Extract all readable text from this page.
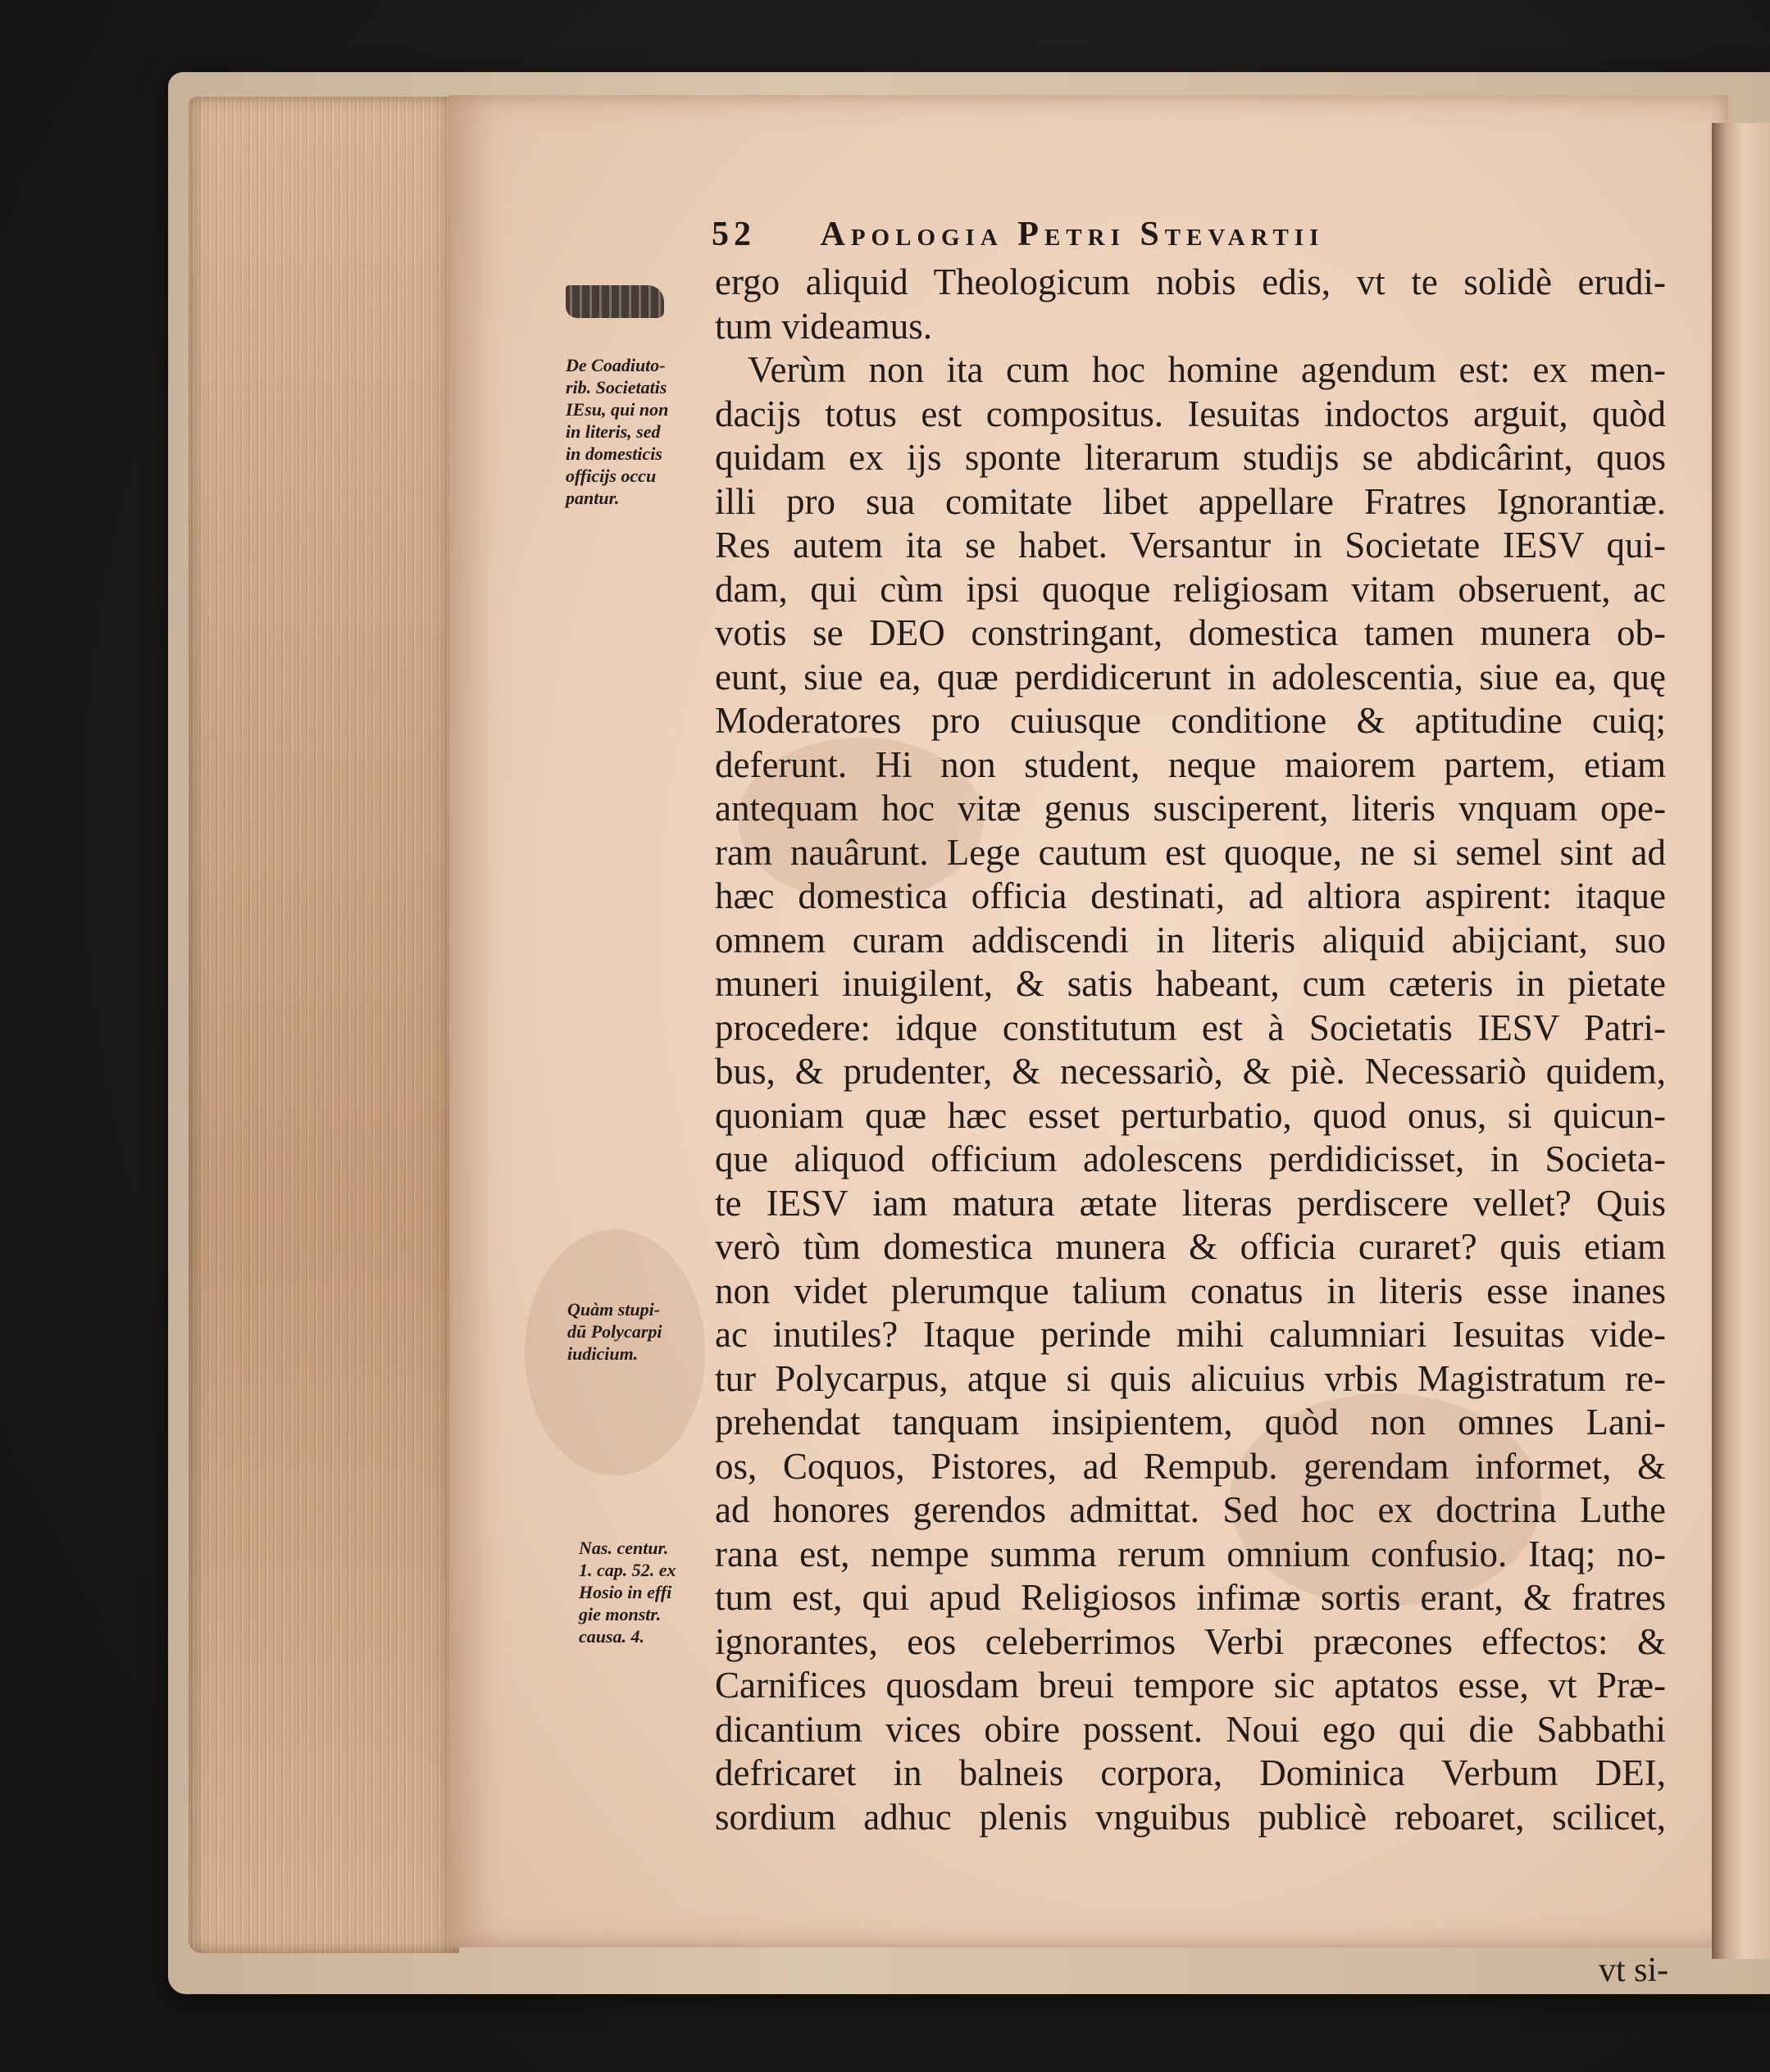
52 Apologia Petri Stevartii
ergo aliquid Theologicum nobis edis, vt te solidè erudi-
tum videamus.
Verùm non ita cum hoc homine agendum est: ex men-
dacijs totus est compositus. Iesuitas indoctos arguit, quòd
quidam ex ijs sponte literarum studijs se abdicârint, quos
illi pro sua comitate libet appellare Fratres Ignorantiæ.
Res autem ita se habet. Versantur in Societate IESV qui-
dam, qui cùm ipsi quoque religiosam vitam obseruent, ac
votis se DEO constringant, domestica tamen munera ob-
eunt, siue ea, quæ perdidicerunt in adolescentia, siue ea, quę
Moderatores pro cuiusque conditione & aptitudine cuiq;
deferunt. Hi non student, neque maiorem partem, etiam
antequam hoc vitæ genus susciperent, literis vnquam ope-
ram nauârunt. Lege cautum est quoque, ne si semel sint ad
hæc domestica officia destinati, ad altiora aspirent: itaque
omnem curam addiscendi in literis aliquid abijciant, suo
muneri inuigilent, & satis habeant, cum cæteris in pietate
procedere: idque constitutum est à Societatis IESV Patri-
bus, & prudenter, & necessariò, & piè. Necessariò quidem,
quoniam quæ hæc esset perturbatio, quod onus, si quicun-
que aliquod officium adolescens perdidicisset, in Societa-
te IESV iam matura ætate literas perdiscere vellet? Quis
verò tùm domestica munera & officia curaret? quis etiam
non videt plerumque talium conatus in literis esse inanes
ac inutiles? Itaque perinde mihi calumniari Iesuitas vide-
tur Polycarpus, atque si quis alicuius vrbis Magistratum re-
prehendat tanquam insipientem, quòd non omnes Lani-
os, Coquos, Pistores, ad Rempub. gerendam informet, &
ad honores gerendos admittat. Sed hoc ex doctrina Luthe
rana est, nempe summa rerum omnium confusio. Itaq; no-
tum est, qui apud Religiosos infimæ sortis erant, & fratres
ignorantes, eos celeberrimos Verbi præcones effectos: &
Carnifices quosdam breui tempore sic aptatos esse, vt Præ-
dicantium vices obire possent. Noui ego qui die Sabbathi
defricaret in balneis corpora, Dominica Verbum DEI,
sordium adhuc plenis vnguibus publicè reboaret, scilicet,
vt si-
De Coadiuto-
rib. Societatis
IEsu, qui non
in literis, sed
in domesticis
officijs occu
pantur.
Quàm stupi-
dū Polycarpi
iudicium.
Nas. centur.
1. cap. 52. ex
Hosio in effi
gie monstr.
causa. 4.
